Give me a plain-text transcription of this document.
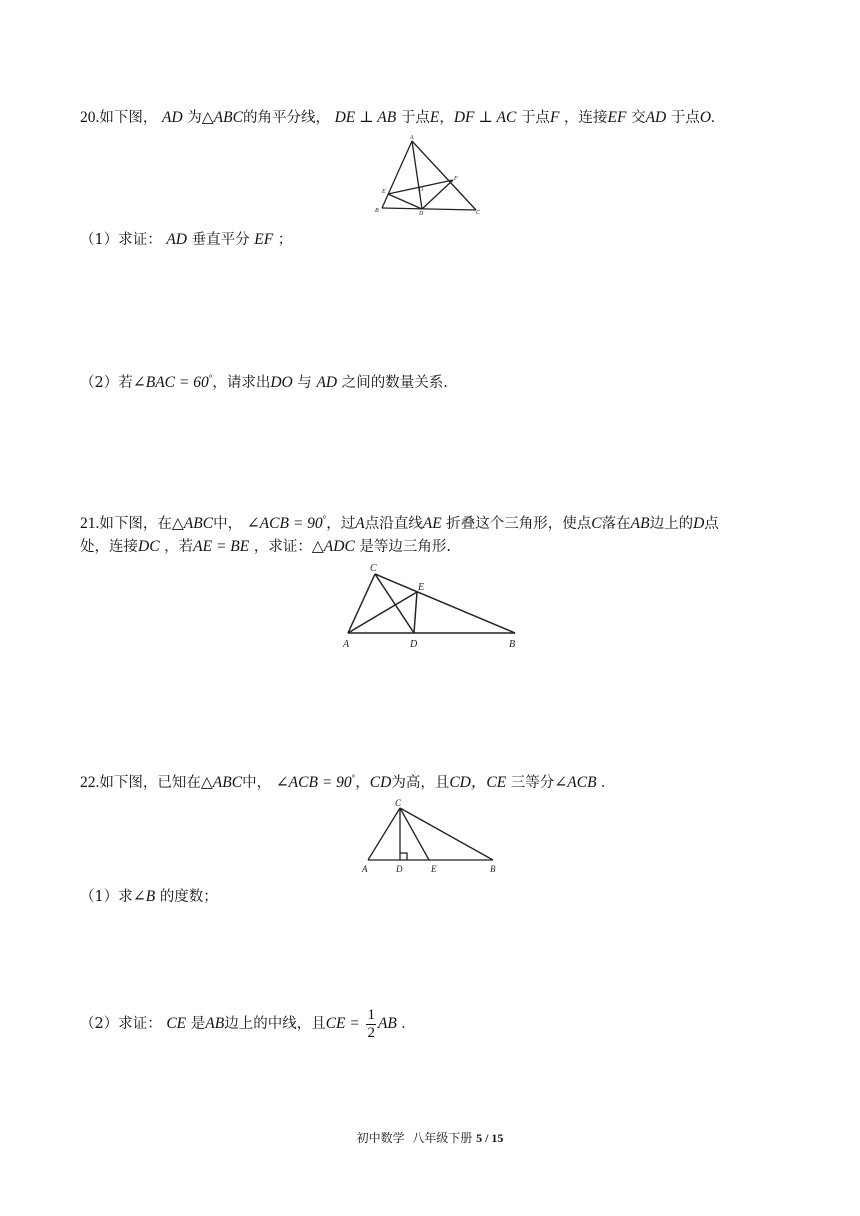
20.如下图， AD 为△ABC的角平分线， DE ⊥ AB 于点E，DF ⊥ AC 于点F ，连接EF 交AD 于点O.
A
E	O
F
B	D	C
（1）求证： AD 垂直平分 EF ；
（2）若∠BAC = 60°，请求出DO 与 AD 之间的数量关系.
21.如下图，在△ABC中， ∠ACB = 90°，过A点沿直线AE 折叠这个三角形，使点C落在AB边上的D点
处，连接DC ，若AE = BE ，求证：△ADC 是等边三角形.
C
E
A	D	B
22.如下图，已知在△ABC中， ∠ACB = 90°，CD为高，且CD，CE 三等分∠ACB .
C
A	D	E	B
（1）求∠B 的度数；
（2）求证： CE 是AB边上的中线，且CE = $\frac{1}{2}$ AB .
初中数学  八年级下册 5 / 15
